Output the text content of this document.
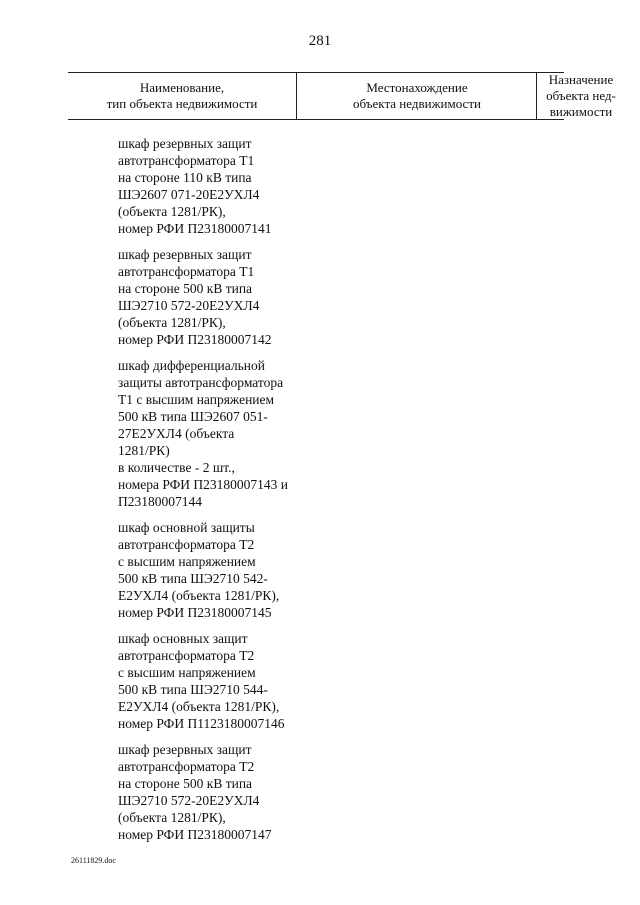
281
Наименование,
тип объекта недвижимости
Местонахождение
объекта недвижимости
Назначение
объекта нед-
вижимости
шкаф резервных защит
автотрансформатора Т1
на стороне 110 кВ типа
ШЭ2607 071-20Е2УХЛ4
(объекта 1281/РК),
номер РФИ П23180007141
шкаф резервных защит
автотрансформатора Т1
на стороне 500 кВ типа
ШЭ2710 572-20Е2УХЛ4
(объекта 1281/РК),
номер РФИ П23180007142
шкаф дифференциальной
защиты автотрансформатора
Т1 с высшим напряжением
500 кВ типа ШЭ2607 051-
27Е2УХЛ4 (объекта
1281/РК)
в количестве - 2 шт.,
номера РФИ П23180007143 и
П23180007144
шкаф основной защиты
автотрансформатора Т2
с высшим напряжением
500 кВ типа ШЭ2710 542-
Е2УХЛ4 (объекта 1281/РК),
номер РФИ П23180007145
шкаф основных защит
автотрансформатора Т2
с высшим напряжением
500 кВ типа ШЭ2710 544-
Е2УХЛ4 (объекта 1281/РК),
номер РФИ П1123180007146
шкаф резервных защит
автотрансформатора Т2
на стороне 500 кВ типа
ШЭ2710 572-20Е2УХЛ4
(объекта 1281/РК),
номер РФИ П23180007147
26111829.doc
